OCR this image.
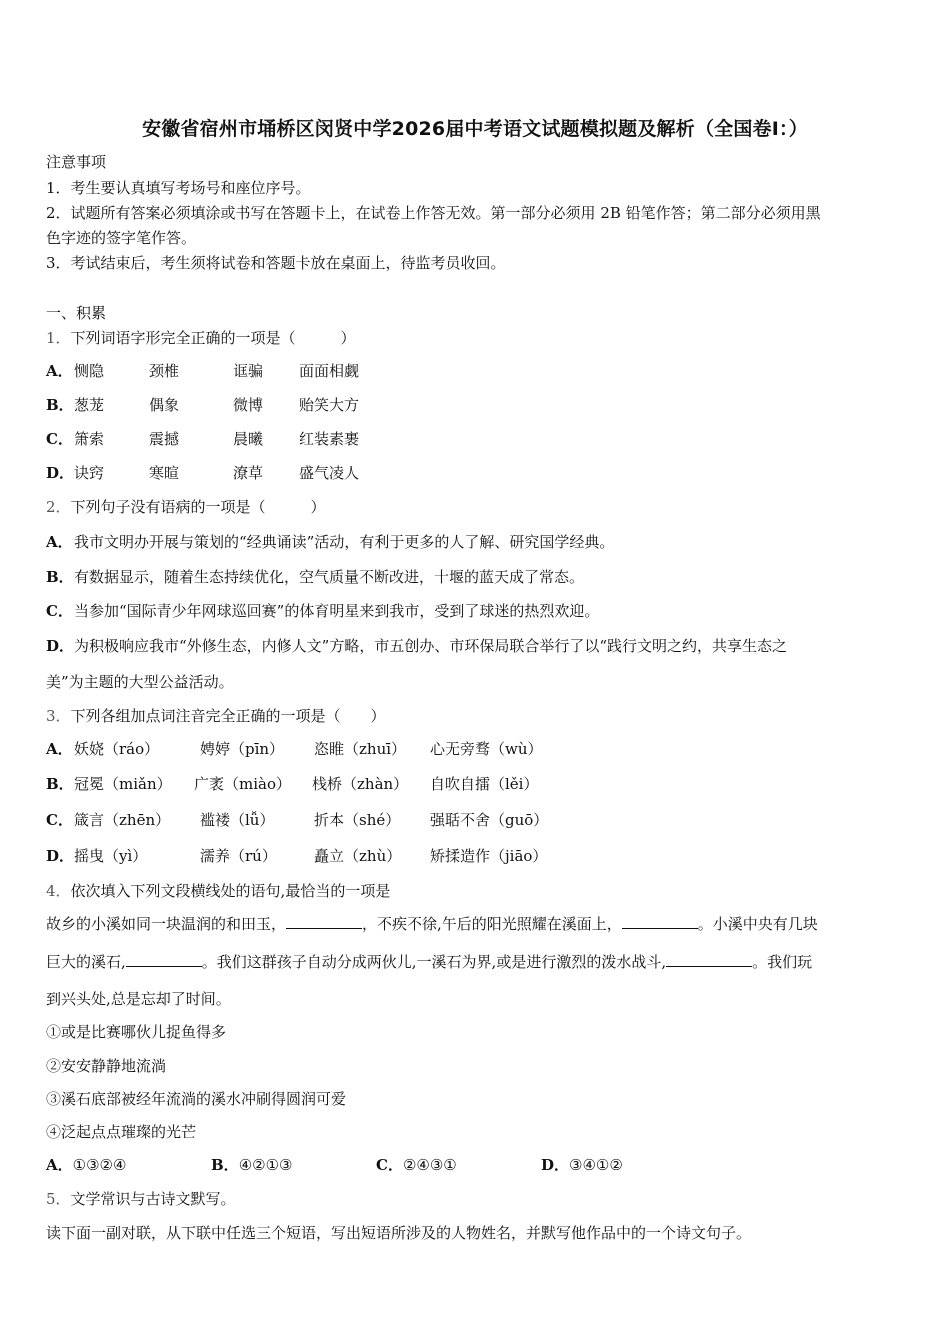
安徽省宿州市埇桥区闵贤中学2026届中考语文试题模拟题及解析（全国卷Ⅰ：）
注意事项
1．考生要认真填写考场号和座位序号。
2．试题所有答案必须填涂或书写在答题卡上，在试卷上作答无效。第一部分必须用 2B 铅笔作答；第二部分必须用黑
色字迹的签字笔作答。
3．考试结束后，考生须将试卷和答题卡放在桌面上，待监考员收回。
一、积累
1．下列词语字形完全正确的一项是（　　　）
A．恻隐	颈椎	诓骗 面面相觑
B．葱茏	偶象	微博 贻笑大方
C．箫索	震撼	晨曦 红装素裹
D．诀窍	寒暄	潦草 盛气凌人
2．下列句子没有语病的一项是（　　　）
A．我市文明办开展与策划的“经典诵读”活动，有利于更多的人了解、研究国学经典。
B．有数据显示，随着生态持续优化，空气质量不断改进，十堰的蓝天成了常态。
C．当参加“国际青少年网球巡回赛”的体育明星来到我市，受到了球迷的热烈欢迎。
D．为积极响应我市“外修生态，内修人文”方略，市五创办、市环保局联合举行了以“践行文明之约，共享生态之
美”为主题的大型公益活动。
3．下列各组加点词注音完全正确的一项是（　　）
A．妖娆（ráo）	娉婷（pīn） 恣睢（zhuī） 心无旁骛（wù）
B．冠冕（miǎn） 广袤（miào） 栈桥（zhàn） 自吹自擂（lěi）
C．箴言（zhēn） 褴褛（lǚ）	折本（shé） 强聒不舍（guō）
D．摇曳（yì）	濡养（rú） 矗立（zhù） 矫揉造作（jiāo）
4．依次填入下列文段横线处的语句,最恰当的一项是
故乡的小溪如同一块温润的和田玉，	，不疾不徐,午后的阳光照耀在溪面上，	。小溪中央有几块
巨大的溪石,	。我们这群孩子自动分成两伙儿,一溪石为界,或是进行激烈的泼水战斗,	。我们玩
到兴头处,总是忘却了时间。
①或是比赛哪伙儿捉鱼得多
②安安静静地流淌
③溪石底部被经年流淌的溪水冲刷得圆润可爱
④泛起点点璀璨的光芒
A．①③②④	B．④②①③	C．②④③①	D．③④①②
5．文学常识与古诗文默写。
读下面一副对联，从下联中任选三个短语，写出短语所涉及的人物姓名，并默写他作品中的一个诗文句子。
